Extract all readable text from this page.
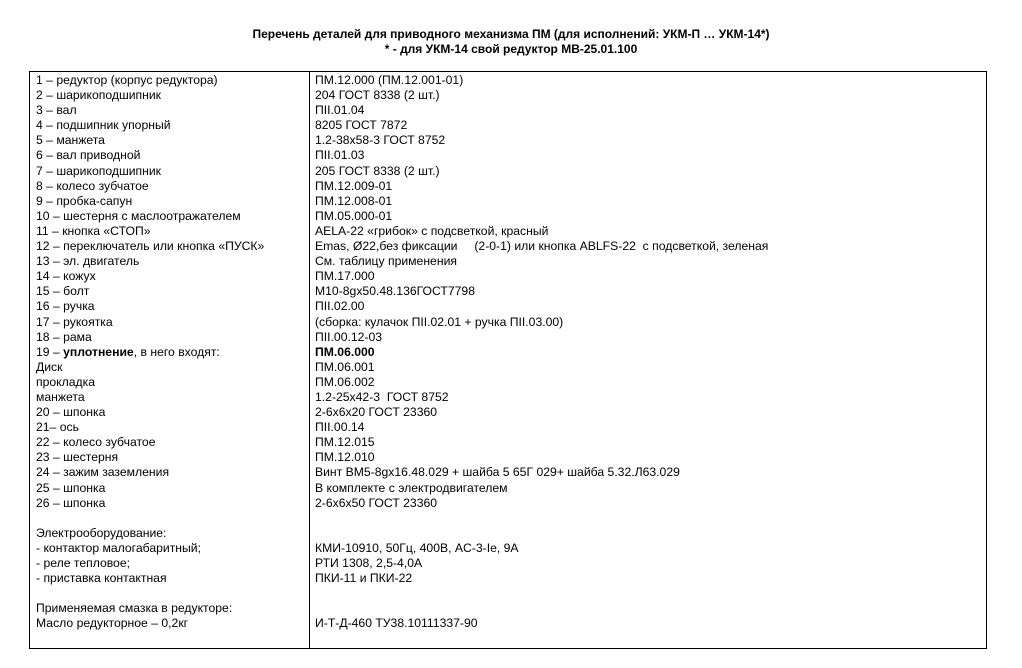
Перечень деталей для приводного механизма ПМ (для исполнений: УКМ-П … УКМ-14*)
* - для УКМ-14 свой редуктор МВ-25.01.100
1 – редуктор (корпус редуктора)
2 – шарикоподшипник
3 – вал
4 – подшипник упорный
5 – манжета
6 – вал приводной
7 – шарикоподшипник
8 – колесо зубчатое
9 – пробка-сапун
10 – шестерня с маслоотражателем
11 – кнопка «СТОП»
12 – переключатель или кнопка «ПУСК»
13 – эл. двигатель
14 – кожух
15 – болт
16 – ручка
17 – рукоятка
18 – рама
19 – уплотнение, в него входят:
Диск
прокладка
манжета
20 – шпонка
21– ось
22 – колесо зубчатое
23 – шестерня
24 – зажим заземления
25 – шпонка
26 – шпонка
Электрооборудование:
- контактор малогабаритный;
- реле тепловое;
- приставка контактная
Применяемая смазка в редукторе:
Масло редукторное – 0,2кг
ПМ.12.000 (ПМ.12.001-01)
204 ГОСТ 8338 (2 шт.)
ПII.01.04
8205 ГОСТ 7872
1.2-38х58-3 ГОСТ 8752
ПII.01.03
205 ГОСТ 8338 (2 шт.)
ПМ.12.009-01
ПМ.12.008-01
ПМ.05.000-01
AELA-22 «грибок» с подсветкой, красный
Emas, Ø22,без фиксации     (2-0-1) или кнопка ABLFS-22  с подсветкой, зеленая
См. таблицу применения
ПМ.17.000
М10-8gх50.48.136ГОСТ7798
ПII.02.00
(сборка: кулачок ПII.02.01 + ручка ПII.03.00)
ПII.00.12-03
ПМ.06.000
ПМ.06.001
ПМ.06.002
1.2-25х42-3  ГОСТ 8752
2-6х6х20 ГОСТ 23360
ПII.00.14
ПМ.12.015
ПМ.12.010
Винт ВМ5-8gх16.48.029 + шайба 5 65Г 029+ шайба 5.32.Л63.029
В комплекте с электродвигателем
2-6х6х50 ГОСТ 23360
КМИ-10910, 50Гц, 400В, AC-3-Ie, 9А
РТИ 1308, 2,5-4,0А
ПКИ-11 и ПКИ-22
И-Т-Д-460 ТУ38.10111337-90
